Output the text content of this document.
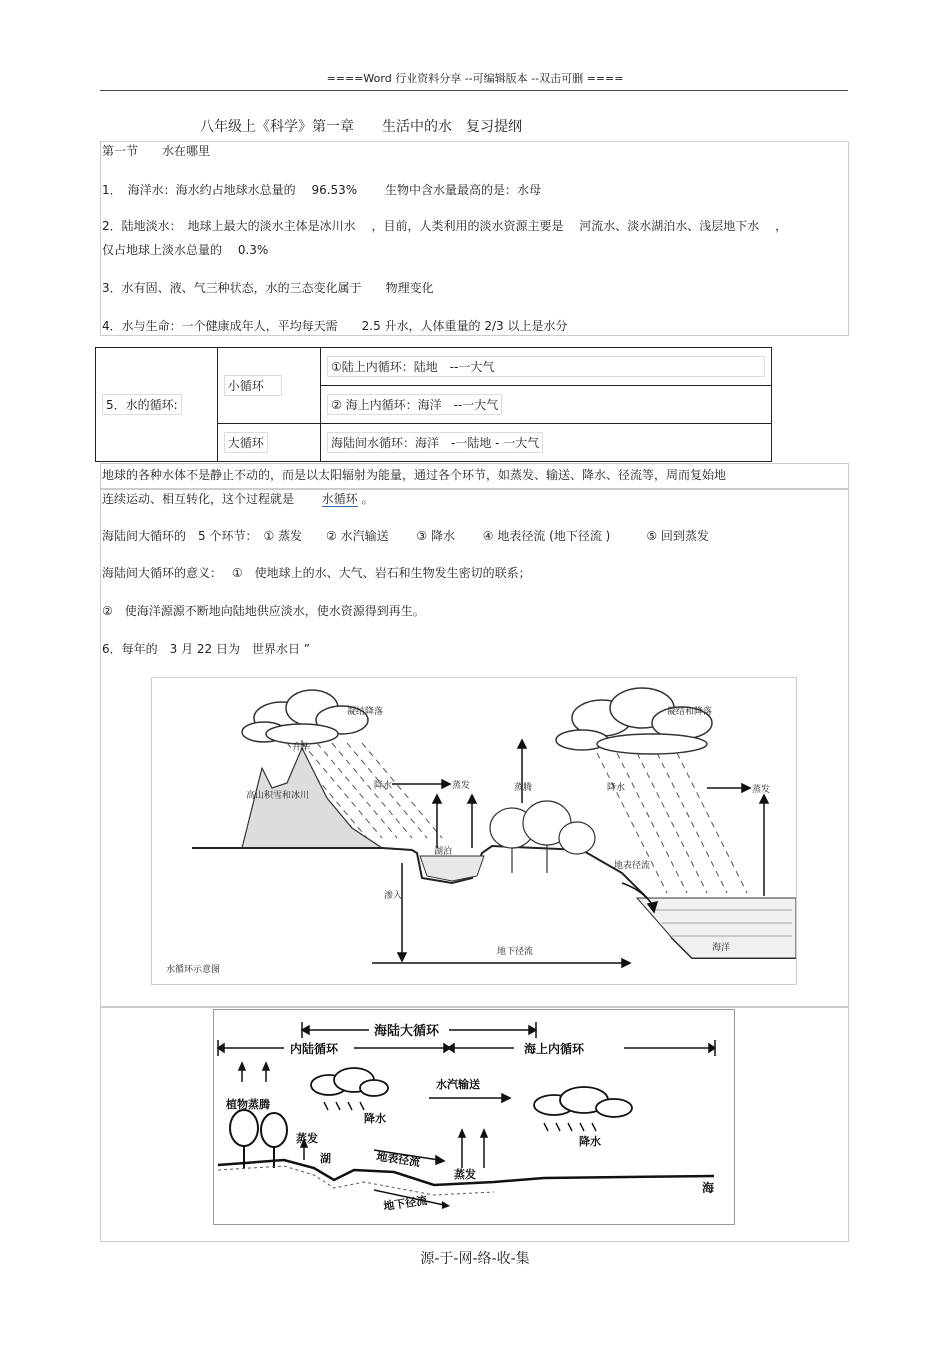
====Word 行业资料分享 --可编辑版本 --双击可删 ====
八年级上《科学》第一章　　生活中的水　复习提纲
第一节　　水在哪里
1．　海洋水：海水约占地球水总量的　 96.53%　　 生物中含水量最高的是：水母
2．陆地淡水：　地球上最大的淡水主体是冰川水　 ，目前，人类利用的淡水资源主要是　 河流水、淡水湖泊水、浅层地下水　 ，
仅占地球上淡水总量的　 0.3%
3．水有固、液、气三种状态，水的三态变化属于　　物理变化
4．水与生命：一个健康成年人，平均每天需　　2.5 升水，人体重量的 2/3 以上是水分
5．水的循环:	小循环	①陆上内循环：陆地　--一大气
		② 海上内循环：海洋　--一大气
	大循环	海陆间水循环：海洋　-一陆地 - 一大气
地球的各种水体不是静止不动的，而是以太阳辐射为能量，通过各个环节，如蒸发、输送、降水、径流等，周而复始地
连续运动、相互转化，这个过程就是 水循环 。
海陆间大循环的　5 个环节：　① 蒸发　　② 水汽输送　　 ③ 降水　　 ④ 地表径流 (地下径流 )　　　⑤ 回到蒸发
海陆间大循环的意义：　 ①　使地球上的水、大气、岩石和生物发生密切的联系；
②　使海洋源源不断地向陆地供应淡水，使水资源得到再生。
6．每年的　3 月 22 日为　世界水日 ”
凝结降落	凝结和降落
升华
高山积雪和冰川
降水	蒸发	蒸腾	降水	蒸发
湖泊
地表径流
渗入
地下径流	海洋
水循环示意图
海陆大循环
内陆循环	海上内循环
植物蒸腾
降水
水汽输送
蒸发
湖	地表径流
蒸发
降水
地下径流
海
源-于-网-络-收-集
